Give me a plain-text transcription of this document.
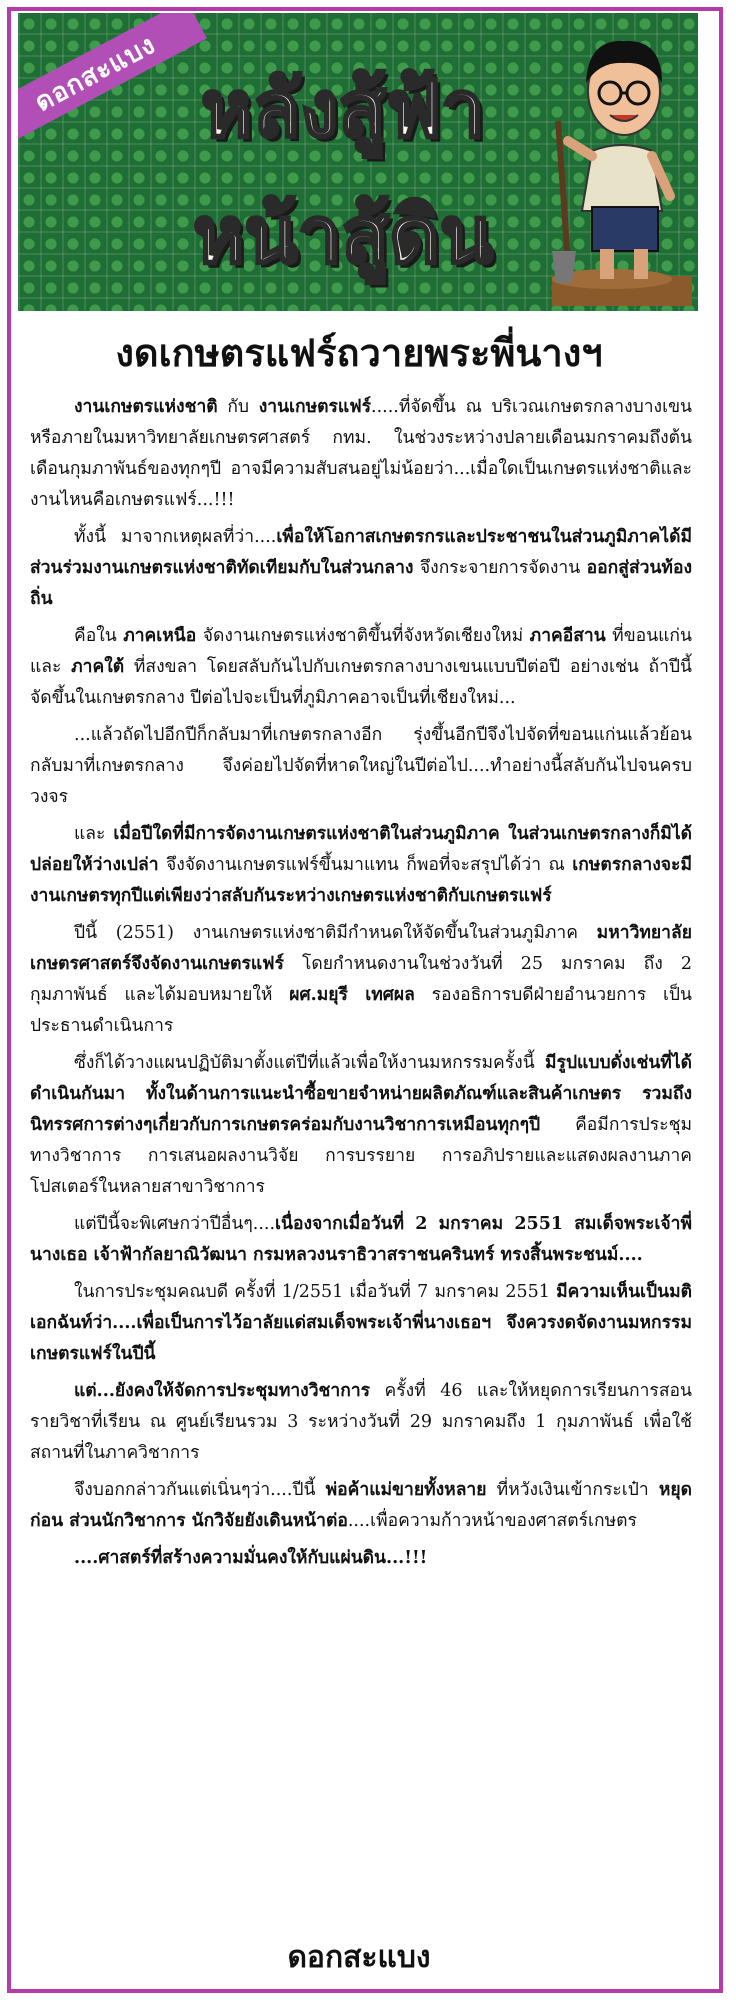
ดอกสะแบง หลังสู้ฟ้า
หน้าสู้ดิน
งดเกษตรแฟร์ถวายพระพี่นางฯ

งานเกษตรแห่งชาติ กับ งานเกษตรแฟร์.....ที่จัดขึ้น ณ บริเวณเกษตรกลางบางเขน หรือภายในมหาวิทยาลัยเกษตรศาสตร์ กทม. ในช่วงระหว่างปลายเดือนมกราคมถึงต้นเดือนกุมภาพันธ์ของทุกๆปี อาจมีความสับสนอยู่ไม่น้อยว่า...เมื่อใดเป็นเกษตรแห่งชาติและงานไหนคือเกษตรแฟร์...!!!

ทั้งนี้ มาจากเหตุผลที่ว่า....เพื่อให้โอกาสเกษตรกรและประชาชนในส่วนภูมิภาคได้มีส่วนร่วมงานเกษตรแห่งชาติทัดเทียมกับในส่วนกลาง จึงกระจายการจัดงาน ออกสู่ส่วนท้องถิ่น

คือใน ภาคเหนือ จัดงานเกษตรแห่งชาติขึ้นที่จังหวัดเชียงใหม่ ภาคอีสาน ที่ขอนแก่นและ ภาคใต้ ที่สงขลา โดยสลับกันไปกับเกษตรกลางบางเขนแบบปีต่อปี อย่างเช่น ถ้าปีนี้จัดขึ้นในเกษตรกลาง ปีต่อไปจะเป็นที่ภูมิภาคอาจเป็นที่เชียงใหม่...

...แล้วถัดไปอีกปีก็กลับมาที่เกษตรกลางอีก รุ่งขึ้นอีกปีจึงไปจัดที่ขอนแก่นแล้วย้อนกลับมาที่เกษตรกลาง จึงค่อยไปจัดที่หาดใหญ่ในปีต่อไป....ทำอย่างนี้สลับกันไปจนครบวงจร

และ เมื่อปีใดที่มีการจัดงานเกษตรแห่งชาติในส่วนภูมิภาค ในส่วนเกษตรกลางก็มิได้ปล่อยให้ว่างเปล่า จึงจัดงานเกษตรแฟร์ขึ้นมาแทน ก็พอที่จะสรุปได้ว่า ณ เกษตรกลางจะมีงานเกษตรทุกปีแต่เพียงว่าสลับกันระหว่างเกษตรแห่งชาติกับเกษตรแฟร์

ปีนี้ (2551) งานเกษตรแห่งชาติมีกำหนดให้จัดขึ้นในส่วนภูมิภาค มหาวิทยาลัยเกษตรศาสตร์จึงจัดงานเกษตรแฟร์ โดยกำหนดงานในช่วงวันที่ 25 มกราคม ถึง 2 กุมภาพันธ์ และได้มอบหมายให้ ผศ.มยุรี เทศผล รองอธิการบดีฝ่ายอำนวยการ เป็นประธานดำเนินการ

ซึ่งก็ได้วางแผนปฏิบัติมาตั้งแต่ปีที่แล้วเพื่อให้งานมหกรรมครั้งนี้ มีรูปแบบดั่งเช่นที่ได้ดำเนินกันมา ทั้งในด้านการแนะนำซื้อขายจำหน่ายผลิตภัณฑ์และสินค้าเกษตร รวมถึงนิทรรศการต่างๆเกี่ยวกับการเกษตรคร่อมกับงานวิชาการเหมือนทุกๆปี คือมีการประชุมทางวิชาการ การเสนอผลงานวิจัย การบรรยาย การอภิปรายและแสดงผลงานภาคโปสเตอร์ในหลายสาขาวิชาการ

แต่ปีนี้จะพิเศษกว่าปีอื่นๆ....เนื่องจากเมื่อวันที่ 2 มกราคม 2551 สมเด็จพระเจ้าพี่นางเธอ เจ้าฟ้ากัลยาณิวัฒนา กรมหลวงนราธิวาสราชนครินทร์ ทรงสิ้นพระชนม์....

ในการประชุมคณบดี ครั้งที่ 1/2551 เมื่อวันที่ 7 มกราคม 2551 มีความเห็นเป็นมติเอกฉันท์ว่า....เพื่อเป็นการไว้อาลัยแด่สมเด็จพระเจ้าพี่นางเธอฯ จึงควรงดจัดงานมหกรรมเกษตรแฟร์ในปีนี้

แต่...ยังคงให้จัดการประชุมทางวิชาการ ครั้งที่ 46 และให้หยุดการเรียนการสอนรายวิชาที่เรียน ณ ศูนย์เรียนรวม 3 ระหว่างวันที่ 29 มกราคมถึง 1 กุมภาพันธ์ เพื่อใช้สถานที่ในภาควิชาการ

จึงบอกกล่าวกันแต่เนิ่นๆว่า....ปีนี้ พ่อค้าแม่ขายทั้งหลาย ที่หวังเงินเข้ากระเป๋า หยุดก่อน ส่วนนักวิชาการ นักวิจัยยังเดินหน้าต่อ....เพื่อความก้าวหน้าของศาสตร์เกษตร

....ศาสตร์ที่สร้างความมั่นคงให้กับแผ่นดิน...!!!

ดอกสะแบง
